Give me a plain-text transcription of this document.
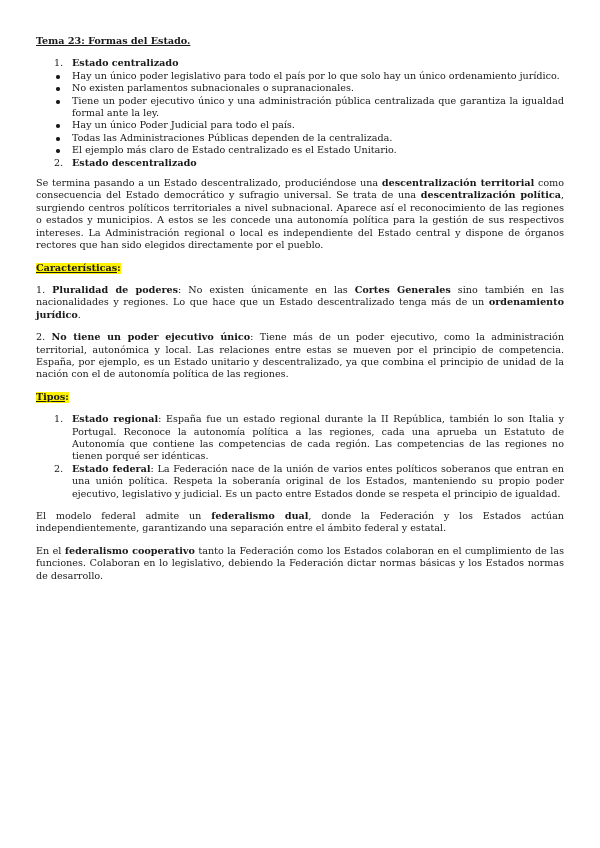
Tema 23: Formas del Estado.
1. Estado centralizado
Hay un único poder legislativo para todo el país por lo que solo hay un único ordenamiento jurídico.
No existen parlamentos subnacionales o supranacionales.
Tiene un poder ejecutivo único y una administración pública centralizada que garantiza la igualdad formal ante la ley.
Hay un único Poder Judicial para todo el país.
Todas las Administraciones Públicas dependen de la centralizada.
El ejemplo más claro de Estado centralizado es el Estado Unitario.
2. Estado descentralizado

Se termina pasando a un Estado descentralizado, produciéndose una descentralización territorial como consecuencia del Estado democrático y sufragio universal. Se trata de una descentralización política, surgiendo centros políticos territoriales a nivel subnacional. Aparece así el reconocimiento de las regiones o estados y municipios. A estos se les concede una autonomía política para la gestión de sus respectivos intereses. La Administración regional o local es independiente del Estado central y dispone de órganos rectores que han sido elegidos directamente por el pueblo.

Características:

1. Pluralidad de poderes: No existen únicamente en las Cortes Generales sino también en las nacionalidades y regiones. Lo que hace que un Estado descentralizado tenga más de un ordenamiento jurídico.

2. No tiene un poder ejecutivo único: Tiene más de un poder ejecutivo, como la administración territorial, autonómica y local. Las relaciones entre estas se mueven por el principio de competencia. España, por ejemplo, es un Estado unitario y descentralizado, ya que combina el principio de unidad de la nación con el de autonomía política de las regiones.

Tipos:

1. Estado regional: España fue un estado regional durante la II República, también lo son Italia y Portugal. Reconoce la autonomía política a las regiones, cada una aprueba un Estatuto de Autonomía que contiene las competencias de cada región. Las competencias de las regiones no tienen porqué ser idénticas.
2. Estado federal: La Federación nace de la unión de varios entes políticos soberanos que entran en una unión política. Respeta la soberanía original de los Estados, manteniendo su propio poder ejecutivo, legislativo y judicial. Es un pacto entre Estados donde se respeta el principio de igualdad.

El modelo federal admite un federalismo dual, donde la Federación y los Estados actúan independientemente, garantizando una separación entre el ámbito federal y estatal.

En el federalismo cooperativo tanto la Federación como los Estados colaboran en el cumplimiento de las funciones. Colaboran en lo legislativo, debiendo la Federación dictar normas básicas y los Estados normas de desarrollo.
